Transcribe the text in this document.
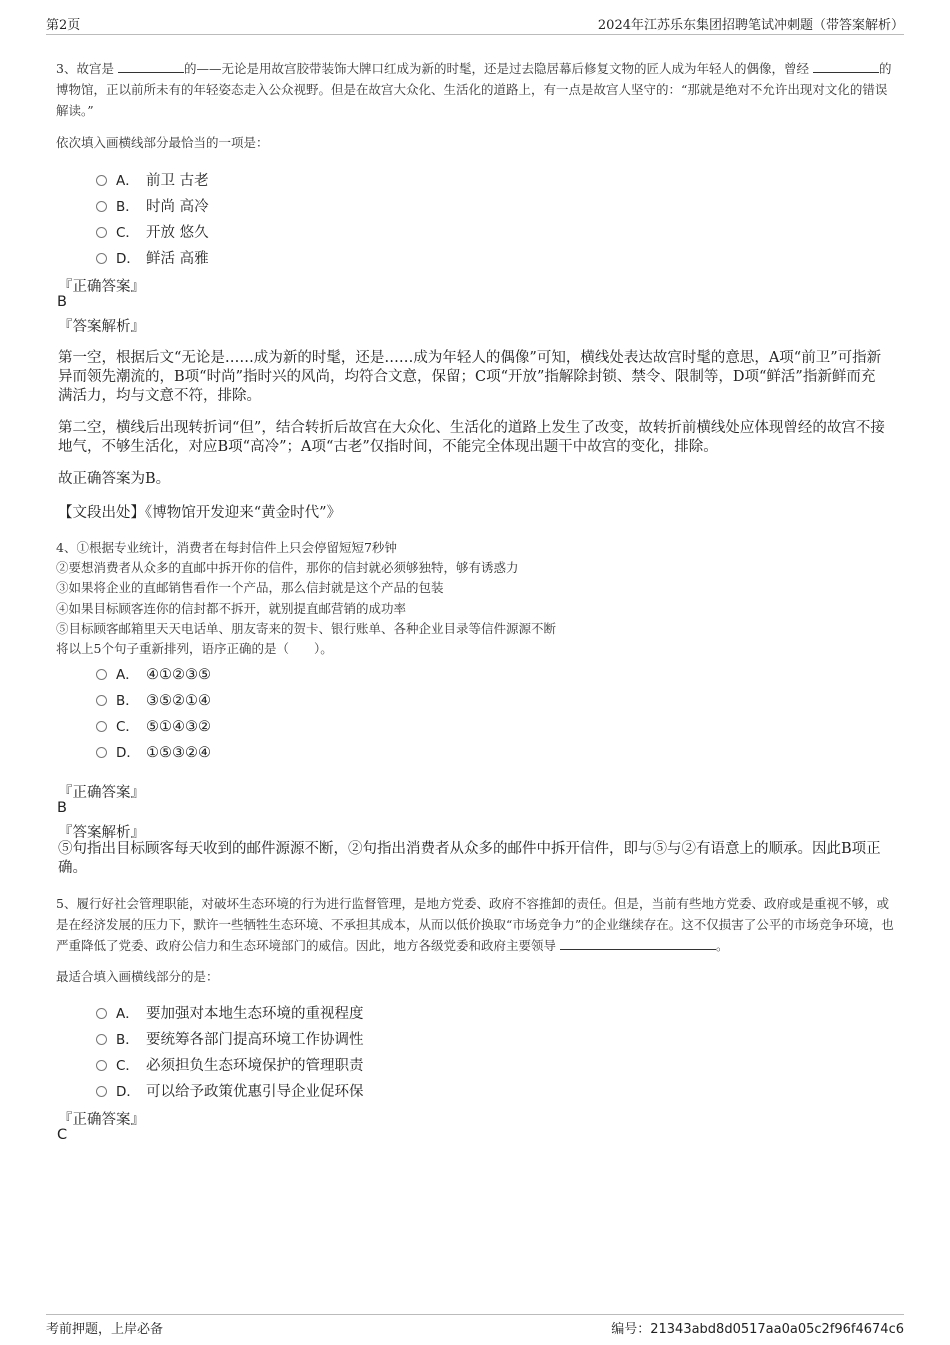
第2页	2024年江苏乐东集团招聘笔试冲刺题（带答案解析）
3、故宫是	的——无论是用故宫胶带装饰大牌口红成为新的时髦，还是过去隐居幕后修复文物的匠人成为年轻人的偶像，曾经	的博物馆，正以前所未有的年轻姿态走入公众视野。但是在故宫大众化、生活化的道路上，有一点是故宫人坚守的：“那就是绝对不允许出现对文化的错误解读。”
依次填入画横线部分最恰当的一项是：
A． 前卫 古老
B． 时尚 高冷
C． 开放 悠久
D． 鲜活 高雅
『正确答案』
B
『答案解析』
第一空，根据后文“无论是……成为新的时髦，还是……成为年轻人的偶像”可知，横线处表达故宫时髦的意思，A项“前卫”可指新异而领先潮流的，B项“时尚”指时兴的风尚，均符合文意，保留；C项“开放”指解除封锁、禁令、限制等，D项“鲜活”指新鲜而充满活力，均与文意不符，排除。
第二空，横线后出现转折词“但”，结合转折后故宫在大众化、生活化的道路上发生了改变，故转折前横线处应体现曾经的故宫不接地气，不够生活化，对应B项“高冷”；A项“古老”仅指时间，不能完全体现出题干中故宫的变化，排除。
故正确答案为B。
【文段出处】《博物馆开发迎来“黄金时代”》
4、①根据专业统计，消费者在每封信件上只会停留短短7秒钟
②要想消费者从众多的直邮中拆开你的信件，那你的信封就必须够独特，够有诱惑力
③如果将企业的直邮销售看作一个产品，那么信封就是这个产品的包装
④如果目标顾客连你的信封都不拆开，就别提直邮营销的成功率
⑤目标顾客邮箱里天天电话单、朋友寄来的贺卡、银行账单、各种企业目录等信件源源不断
将以上5个句子重新排列，语序正确的是（　　）。
A． ④①②③⑤
B． ③⑤②①④
C． ⑤①④③②
D． ①⑤③②④
『正确答案』
B
『答案解析』
⑤句指出目标顾客每天收到的邮件源源不断，②句指出消费者从众多的邮件中拆开信件，即与⑤与②有语意上的顺承。因此B项正确。
5、履行好社会管理职能，对破坏生态环境的行为进行监督管理，是地方党委、政府不容推卸的责任。但是，当前有些地方党委、政府或是重视不够，或是在经济发展的压力下，默许一些牺牲生态环境、不承担其成本，从而以低价换取“市场竞争力”的企业继续存在。这不仅损害了公平的市场竞争环境，也严重降低了党委、政府公信力和生态环境部门的威信。因此，地方各级党委和政府主要领导	。
最适合填入画横线部分的是：
A． 要加强对本地生态环境的重视程度
B． 要统筹各部门提高环境工作协调性
C． 必须担负生态环境保护的管理职责
D． 可以给予政策优惠引导企业促环保
『正确答案』
C
考前押题，上岸必备	编号：21343abd8d0517aa0a05c2f96f4674c6
